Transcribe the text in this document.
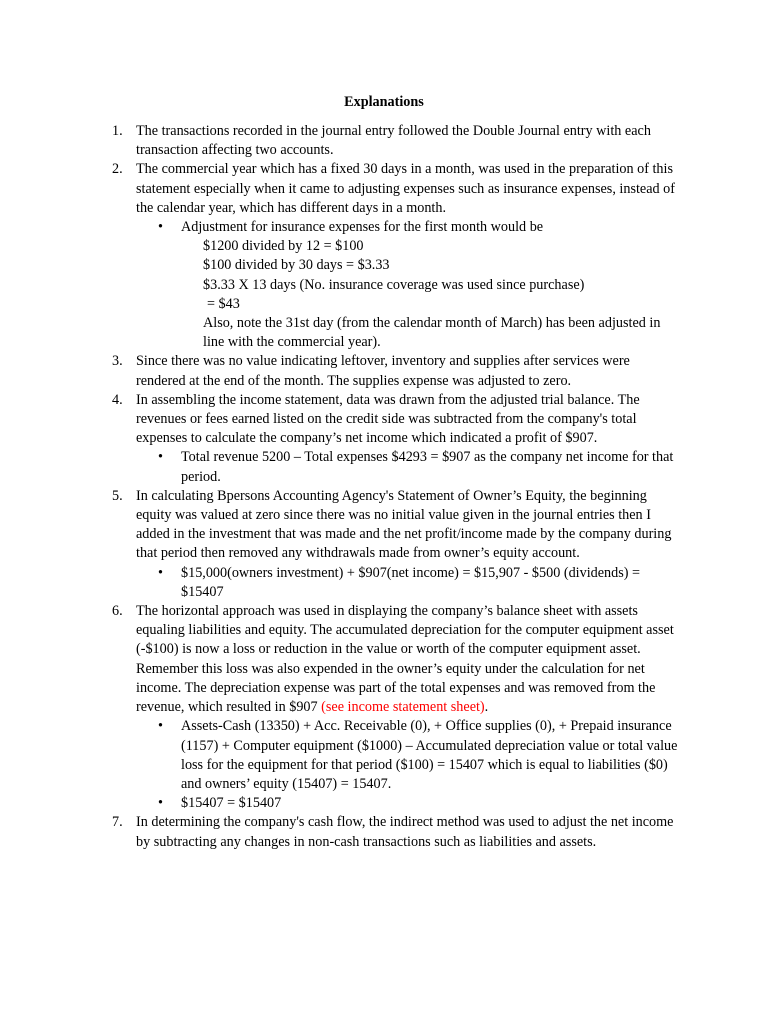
Explanations
1. The transactions recorded in the journal entry followed the Double Journal entry with each transaction affecting two accounts.
2. The commercial year which has a fixed 30 days in a month, was used in the preparation of this statement especially when it came to adjusting expenses such as insurance expenses, instead of the calendar year, which has different days in a month.
• Adjustment for insurance expenses for the first month would be
$1200 divided by 12 = $100
$100 divided by 30 days = $3.33
$3.33 X 13 days (No. insurance coverage was used since purchase)
= $43
Also, note the 31st day (from the calendar month of March) has been adjusted in line with the commercial year).
3. Since there was no value indicating leftover, inventory and supplies after services were rendered at the end of the month. The supplies expense was adjusted to zero.
4. In assembling the income statement, data was drawn from the adjusted trial balance. The revenues or fees earned listed on the credit side was subtracted from the company's total expenses to calculate the company’s net income which indicated a profit of $907.
• Total revenue 5200 – Total expenses $4293 = $907 as the company net income for that period.
5. In calculating Bpersons Accounting Agency's Statement of Owner’s Equity, the beginning equity was valued at zero since there was no initial value given in the journal entries then I added in the investment that was made and the net profit/income made by the company during that period then removed any withdrawals made from owner’s equity account.
• $15,000(owners investment) + $907(net income) = $15,907 - $500 (dividends) = $15407
6. The horizontal approach was used in displaying the company’s balance sheet with assets equaling liabilities and equity. The accumulated depreciation for the computer equipment asset (-$100) is now a loss or reduction in the value or worth of the computer equipment asset. Remember this loss was also expended in the owner’s equity under the calculation for net income. The depreciation expense was part of the total expenses and was removed from the revenue, which resulted in $907 (see income statement sheet).
• Assets-Cash (13350) + Acc. Receivable (0), + Office supplies (0), + Prepaid insurance (1157) + Computer equipment ($1000) – Accumulated depreciation value or total value loss for the equipment for that period ($100) = 15407 which is equal to liabilities ($0) and owners’ equity (15407) = 15407.
• $15407 = $15407
7. In determining the company's cash flow, the indirect method was used to adjust the net income by subtracting any changes in non-cash transactions such as liabilities and assets.
